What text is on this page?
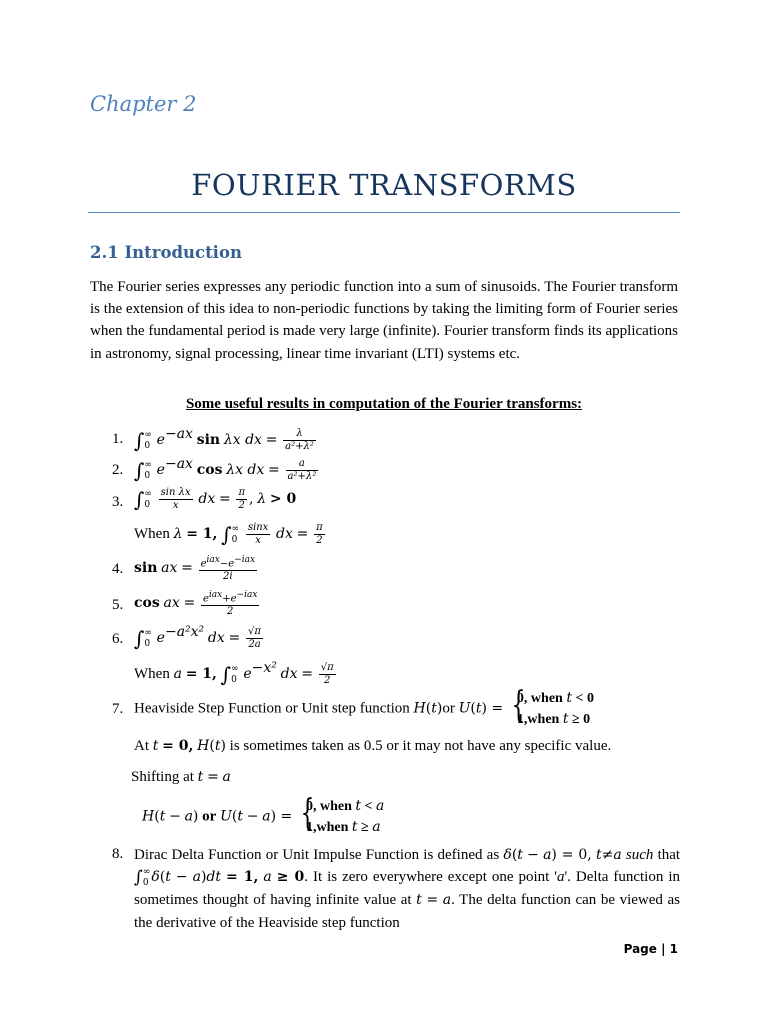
Chapter 2
FOURIER TRANSFORMS
2.1 Introduction
The Fourier series expresses any periodic function into a sum of sinusoids. The Fourier transform is the extension of this idea to non-periodic functions by taking the limiting form of Fourier series when the fundamental period is made very large (infinite). Fourier transform finds its applications in astronomy, signal processing, linear time invariant (LTI) systems etc.
Some useful results in computation of the Fourier transforms:
1. ∫∞
0 $e^{-ax}$ sin λx dx = $\frac{\lambda}{\text{a²+λ²}}$
2. ∫∞
0 $e^{-ax}$ cos λx dx = $\frac{a}{\text{a²+λ²}}$
3. ∫∞
$0 \frac{\text{sin λx}}{x}$ dx = $\frac{\pi}{2}$ , λ > 0
When λ = 1, ∫∞
$0 \frac{\sin x}{x}$ dx = $\frac{\pi}{2}$
4. sin ax = $\frac{e^{iax}-e^{-iax}}{2i}$
5. cos ax = $\frac{e^{iax}+e^{-iax}}{2}$
6. ∫∞
0 $e^{-a^2x^2}$ dx = $\frac{√\pi}{2a}$
When a = 1, ∫∞
0 $e^{-x^2}$ dx = $\frac{√\pi}{2}$
7. Heaviside Step Function or Unit step function H(t)or U(t) = {
0, when t < 0
1,when t ≥ 0
At t = 0, H(t) is sometimes taken as 0.5 or it may not have any specific value.
Shifting at t = a
H(t − a) or U(t − a) = {
0, when t < a
1,when t ≥ a
8. Dirac Delta Function or Unit Impulse Function is defined as δ(t − a) = 0, t≠a such that ∫∞
0 δ(t − a)dt = 1, a ≥ 0. It is zero everywhere except one point 'a'. Delta function in sometimes thought of having infinite value at t = a. The delta function can be viewed as the derivative of the Heaviside step function
Page | 1
